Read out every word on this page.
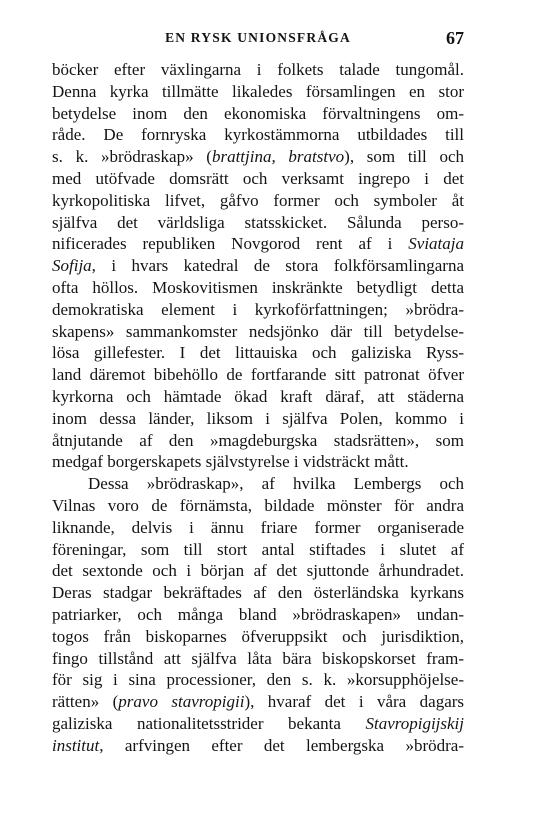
EN RYSK UNIONSFRÅGA	67
böcker efter växlingarna i folkets talade tungomål.
Denna kyrka tillmätte likaledes församlingen en stor
betydelse inom den ekonomiska förvaltningens om-
råde. De fornryska kyrkostämmorna utbildades till
s. k. »brödraskap» (brattjina, bratstvo), som till och
med utöfvade domsrätt och verksamt ingrepo i det
kyrkopolitiska lifvet, gåfvo former och symboler åt
själfva det världsliga statsskicket. Sålunda perso-
nificerades republiken Novgorod rent af i Sviataja
Sofija, i hvars katedral de stora folkförsamlingarna
ofta höllos. Moskovitismen inskränkte betydligt detta
demokratiska element i kyrkoförfattningen; »brödra-
skapens» sammankomster nedsjönko där till betydelse-
lösa gillefester. I det littauiska och galiziska Ryss-
land däremot bibehöllo de fortfarande sitt patronat öfver
kyrkorna och hämtade ökad kraft däraf, att städerna
inom dessa länder, liksom i själfva Polen, kommo i
åtnjutande af den »magdeburgska stadsrätten», som
medgaf borgerskapets självstyrelse i vidsträckt mått.
Dessa »brödraskap», af hvilka Lembergs och
Vilnas voro de förnämsta, bildade mönster för andra
liknande, delvis i ännu friare former organiserade
föreningar, som till stort antal stiftades i slutet af
det sextonde och i början af det sjuttonde århundradet.
Deras stadgar bekräftades af den österländska kyrkans
patriarker, och många bland »brödraskapen» undan-
togos från biskoparnes öfveruppsikt och jurisdiktion,
fingo tillstånd att själfva låta bära biskopskorset fram-
för sig i sina processioner, den s. k. »korsupphöjelse-
rätten» (pravo stavropigii), hvaraf det i våra dagars
galiziska nationalitetsstrider bekanta Stavropigijskij
institut, arfvingen efter det lembergska »brödra-
